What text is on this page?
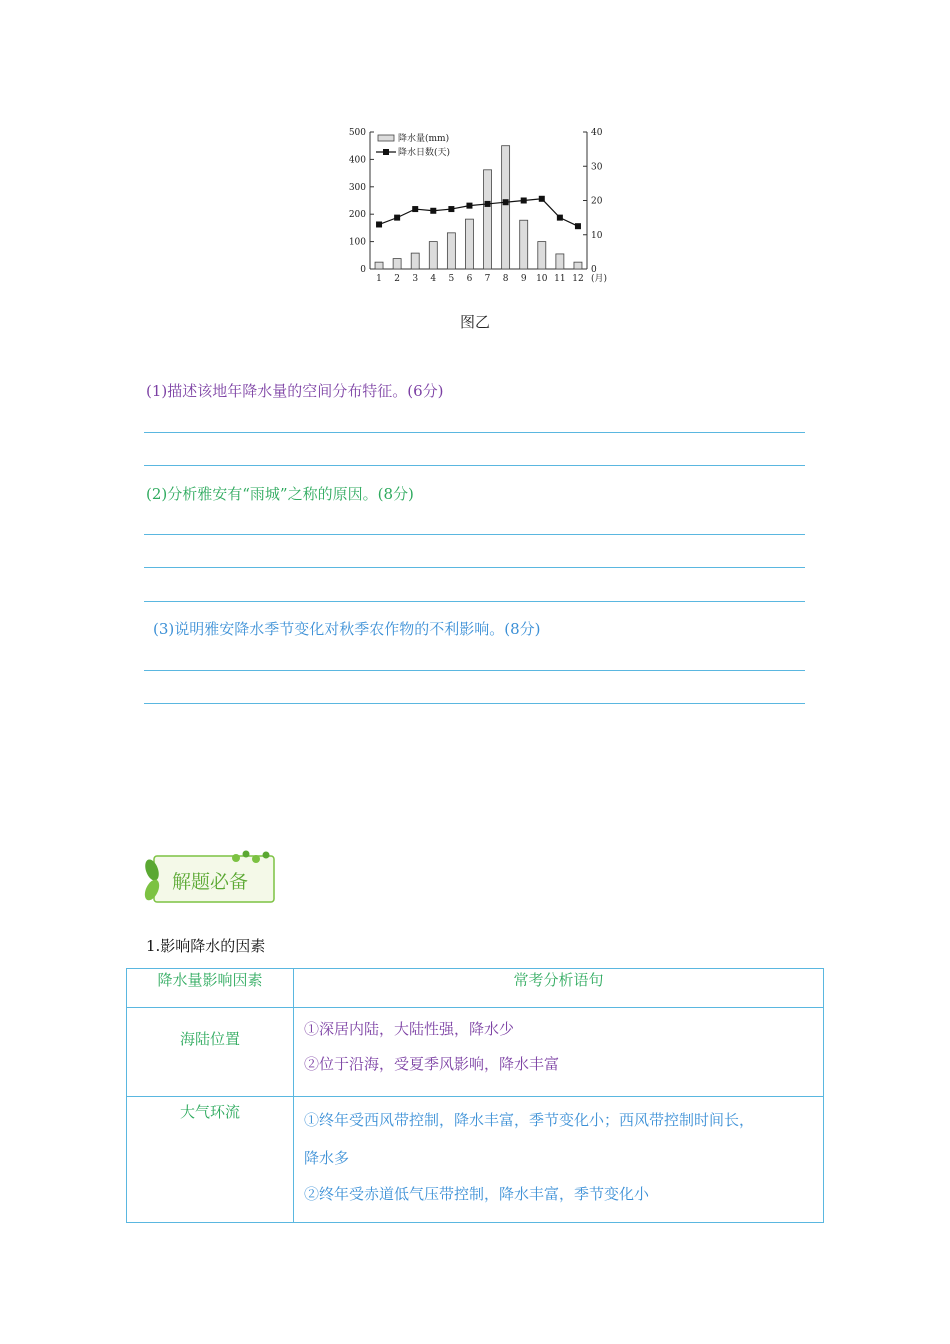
0
100
200
300
400
500
0
10
20
30
40
1 2 3 4 5 6 7 8 9 10 11 12 (月)
降水量(mm)
降水日数(天)
图乙
(1)描述该地年降水量的空间分布特征。(6分)
(2)分析雅安有“雨城”之称的原因。(8分)
(3)说明雅安降水季节变化对秋季农作物的不利影响。(8分)
解题必备
1.影响降水的因素
降水量影响因素	常考分析语句
海陆位置	①深居内陆，大陆性强，降水少
②位于沿海，受夏季风影响，降水丰富

大气环流	①终年受西风带控制，降水丰富，季节变化小；西风带控制时间长，
降水多
②终年受赤道低气压带控制，降水丰富，季节变化小
